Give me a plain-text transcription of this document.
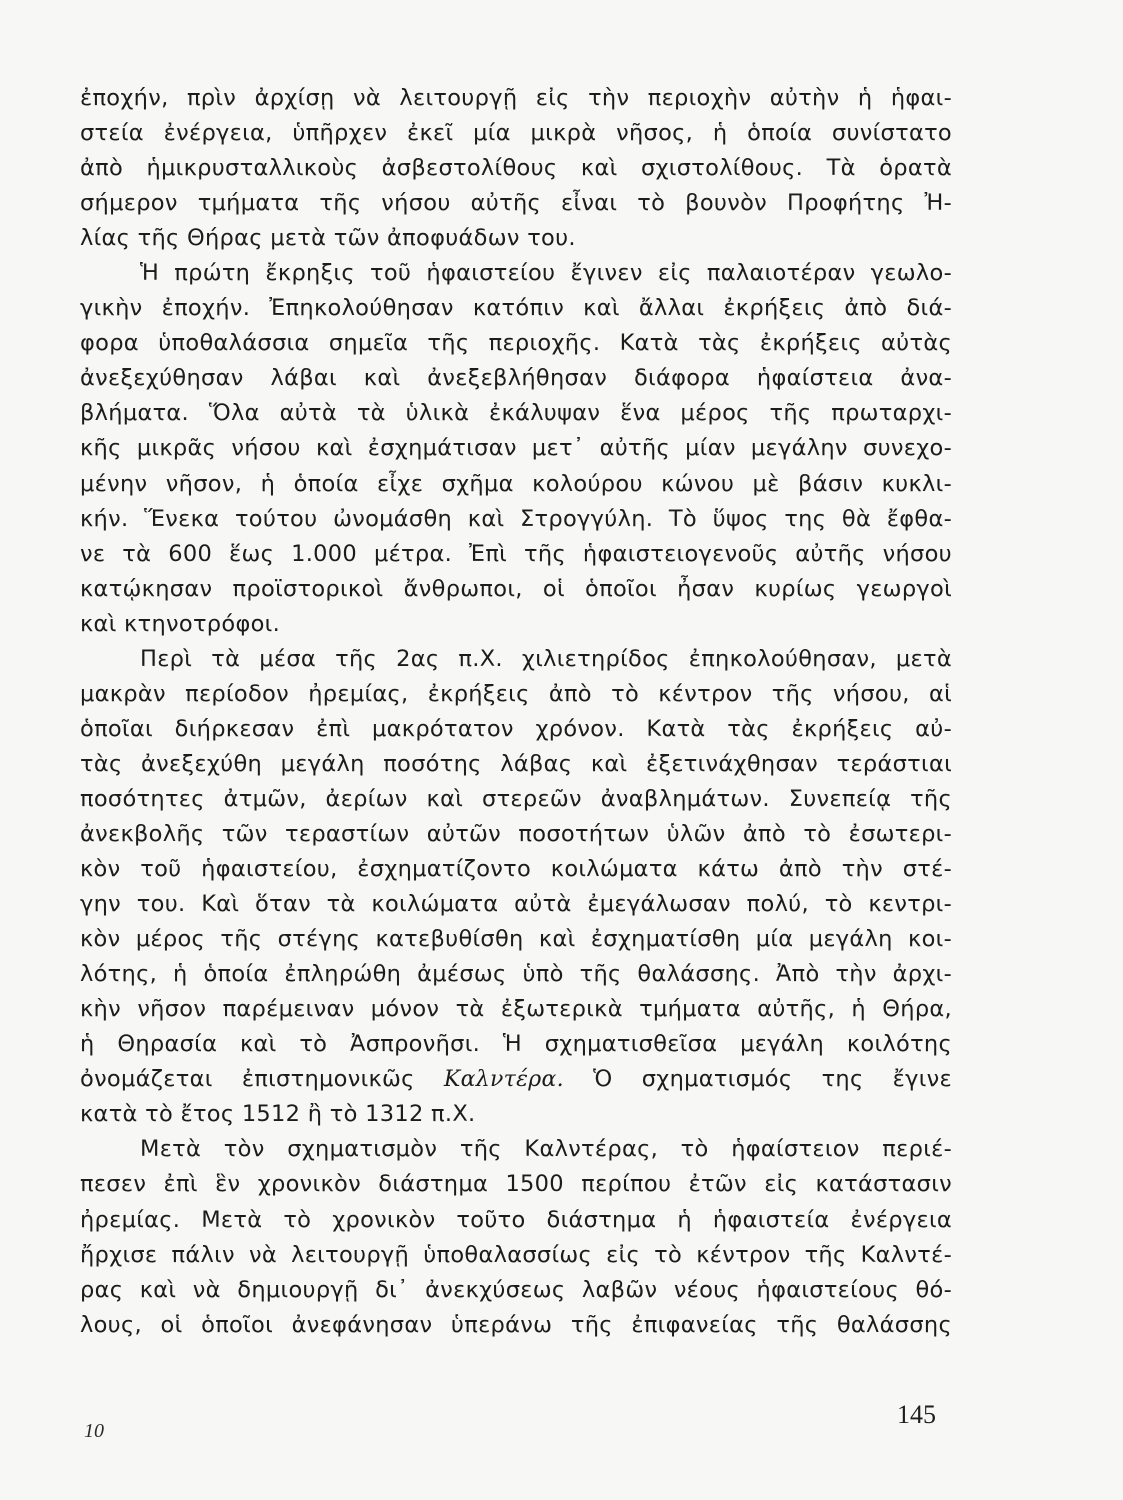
ἐποχήν, πρὶν ἀρχίσῃ νὰ λειτουργῇ εἰς τὴν περιοχὴν αὐτὴν ἡ ἡφαι-
στεία ἐνέργεια, ὑπῆρχεν ἐκεῖ μία μικρὰ νῆσος, ἡ ὁποία συνίστατο
ἀπὸ ἡμικρυσταλλικοὺς ἀσβεστολίθους καὶ σχιστολίθους. Τὰ ὁρατὰ
σήμερον τμήματα τῆς νήσου αὐτῆς εἶναι τὸ βουνὸν Προφήτης Ἠ-
λίας τῆς Θήρας μετὰ τῶν ἀποφυάδων του.
Ἡ πρώτη ἔκρηξις τοῦ ἡφαιστείου ἔγινεν εἰς παλαιοτέραν γεωλο-
γικὴν ἐποχήν. Ἐπηκολούθησαν κατόπιν καὶ ἄλλαι ἐκρήξεις ἀπὸ διά-
φορα ὑποθαλάσσια σημεῖα τῆς περιοχῆς. Κατὰ τὰς ἐκρήξεις αὐτὰς
ἀνεξεχύθησαν λάβαι καὶ ἀνεξεβλήθησαν διάφορα ἡφαίστεια ἀνα-
βλήματα. Ὅλα αὐτὰ τὰ ὑλικὰ ἐκάλυψαν ἕνα μέρος τῆς πρωταρχι-
κῆς μικρᾶς νήσου καὶ ἐσχημάτισαν μετ᾽ αὐτῆς μίαν μεγάλην συνεχο-
μένην νῆσον, ἡ ὁποία εἶχε σχῆμα κολούρου κώνου μὲ βάσιν κυκλι-
κήν. Ἕνεκα τούτου ὠνομάσθη καὶ Στρογγύλη. Τὸ ὕψος της θὰ ἔφθα-
νε τὰ 600 ἕως 1.000 μέτρα. Ἐπὶ τῆς ἡφαιστειογενοῦς αὐτῆς νήσου
κατῴκησαν προϊστορικοὶ ἄνθρωποι, οἱ ὁποῖοι ἦσαν κυρίως γεωργοὶ
καὶ κτηνοτρόφοι.
Περὶ τὰ μέσα τῆς 2ας π.Χ. χιλιετηρίδος ἐπηκολούθησαν, μετὰ
μακρὰν περίοδον ἠρεμίας, ἐκρήξεις ἀπὸ τὸ κέντρον τῆς νήσου, αἱ
ὁποῖαι διήρκεσαν ἐπὶ μακρότατον χρόνον. Κατὰ τὰς ἐκρήξεις αὐ-
τὰς ἀνεξεχύθη μεγάλη ποσότης λάβας καὶ ἐξετινάχθησαν τεράστιαι
ποσότητες ἀτμῶν, ἀερίων καὶ στερεῶν ἀναβλημάτων. Συνεπείᾳ τῆς
ἀνεκβολῆς τῶν τεραστίων αὐτῶν ποσοτήτων ὑλῶν ἀπὸ τὸ ἐσωτερι-
κὸν τοῦ ἡφαιστείου, ἐσχηματίζοντο κοιλώματα κάτω ἀπὸ τὴν στέ-
γην του. Καὶ ὅταν τὰ κοιλώματα αὐτὰ ἐμεγάλωσαν πολύ, τὸ κεντρι-
κὸν μέρος τῆς στέγης κατεβυθίσθη καὶ ἐσχηματίσθη μία μεγάλη κοι-
λότης, ἡ ὁποία ἐπληρώθη ἀμέσως ὑπὸ τῆς θαλάσσης. Ἀπὸ τὴν ἀρχι-
κὴν νῆσον παρέμειναν μόνον τὰ ἐξωτερικὰ τμήματα αὐτῆς, ἡ Θήρα,
ἡ Θηρασία καὶ τὸ Ἀσπρονῆσι. Ἡ σχηματισθεῖσα μεγάλη κοιλότης
ὀνομάζεται ἐπιστημονικῶς Καλντέρα. Ὁ σχηματισμός της ἔγινε
κατὰ τὸ ἔτος 1512 ἢ τὸ 1312 π.Χ.
Μετὰ τὸν σχηματισμὸν τῆς Καλντέρας, τὸ ἡφαίστειον περιέ-
πεσεν ἐπὶ ἓν χρονικὸν διάστημα 1500 περίπου ἐτῶν εἰς κατάστασιν
ἠρεμίας. Μετὰ τὸ χρονικὸν τοῦτο διάστημα ἡ ἡφαιστεία ἐνέργεια
ἤρχισε πάλιν νὰ λειτουργῇ ὑποθαλασσίως εἰς τὸ κέντρον τῆς Καλντέ-
ρας καὶ νὰ δημιουργῇ δι᾽ ἀνεκχύσεως λαβῶν νέους ἡφαιστείους θό-
λους, οἱ ὁποῖοι ἀνεφάνησαν ὑπεράνω τῆς ἐπιφανείας τῆς θαλάσσης
10
145
